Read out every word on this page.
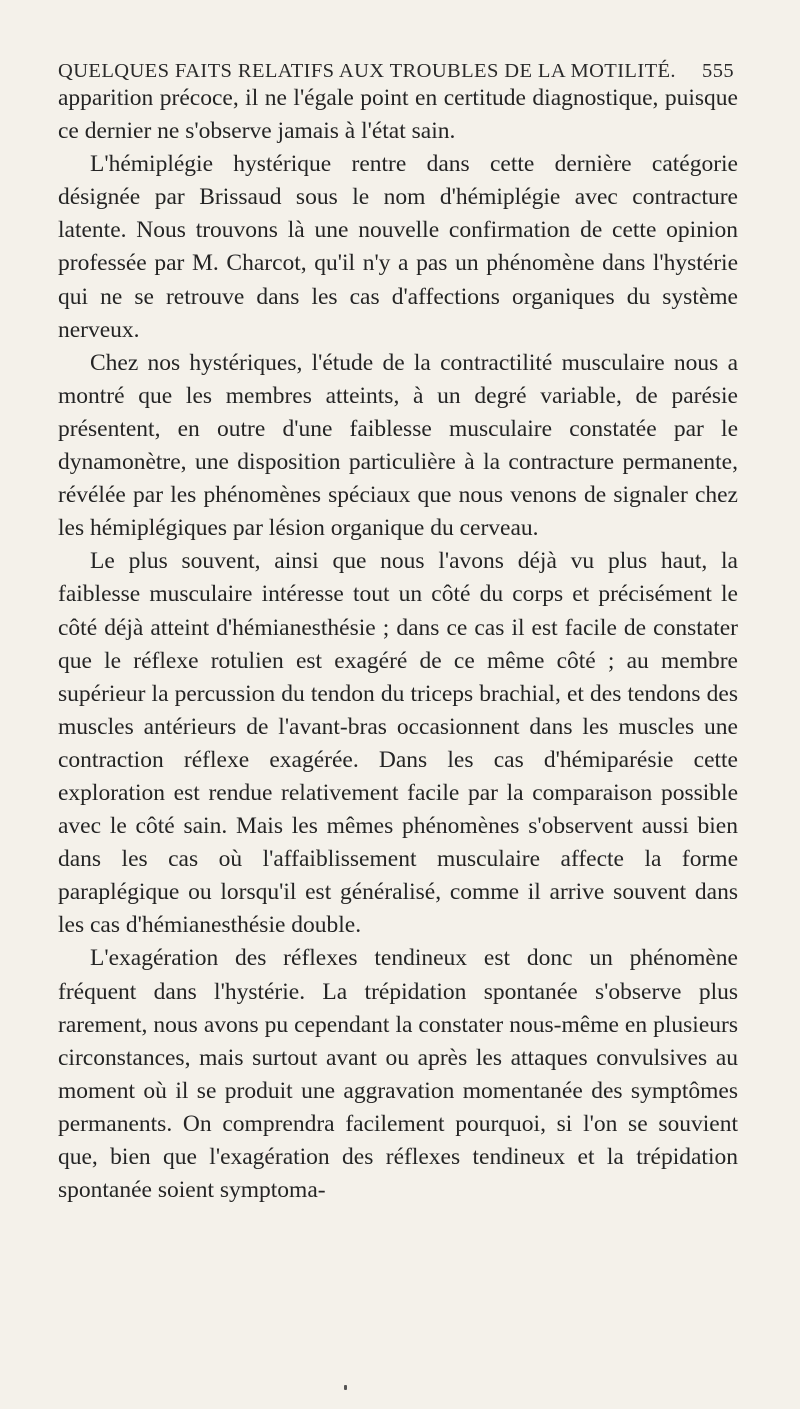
QUELQUES FAITS RELATIFS AUX TROUBLES DE LA MOTILITÉ. 555

apparition précoce, il ne l'égale point en certitude diagnostique, puisque ce dernier ne s'observe jamais à l'état sain.

L'hémiplégie hystérique rentre dans cette dernière catégorie désignée par Brissaud sous le nom d'hémiplégie avec contracture latente. Nous trouvons là une nouvelle confirmation de cette opinion professée par M. Charcot, qu'il n'y a pas un phénomène dans l'hystérie qui ne se retrouve dans les cas d'affections organiques du système nerveux.

Chez nos hystériques, l'étude de la contractilité musculaire nous a montré que les membres atteints, à un degré variable, de parésie présentent, en outre d'une faiblesse musculaire constatée par le dynamonètre, une disposition particulière à la contracture permanente, révélée par les phénomènes spéciaux que nous venons de signaler chez les hémiplégiques par lésion organique du cerveau.

Le plus souvent, ainsi que nous l'avons déjà vu plus haut, la faiblesse musculaire intéresse tout un côté du corps et précisément le côté déjà atteint d'hémianesthésie ; dans ce cas il est facile de constater que le réflexe rotulien est exagéré de ce même côté ; au membre supérieur la percussion du tendon du triceps brachial, et des tendons des muscles antérieurs de l'avant-bras occasionnent dans les muscles une contraction réflexe exagérée. Dans les cas d'hémiparésie cette exploration est rendue relativement facile par la comparaison possible avec le côté sain. Mais les mêmes phénomènes s'observent aussi bien dans les cas où l'affaiblissement musculaire affecte la forme paraplégique ou lorsqu'il est généralisé, comme il arrive souvent dans les cas d'hémianesthésie double.

L'exagération des réflexes tendineux est donc un phénomène fréquent dans l'hystérie. La trépidation spontanée s'observe plus rarement, nous avons pu cependant la constater nous-même en plusieurs circonstances, mais surtout avant ou après les attaques convulsives au moment où il se produit une aggravation momentanée des symptômes permanents. On comprendra facilement pourquoi, si l'on se souvient que, bien que l'exagération des réflexes tendineux et la trépidation spontanée soient symptoma-
